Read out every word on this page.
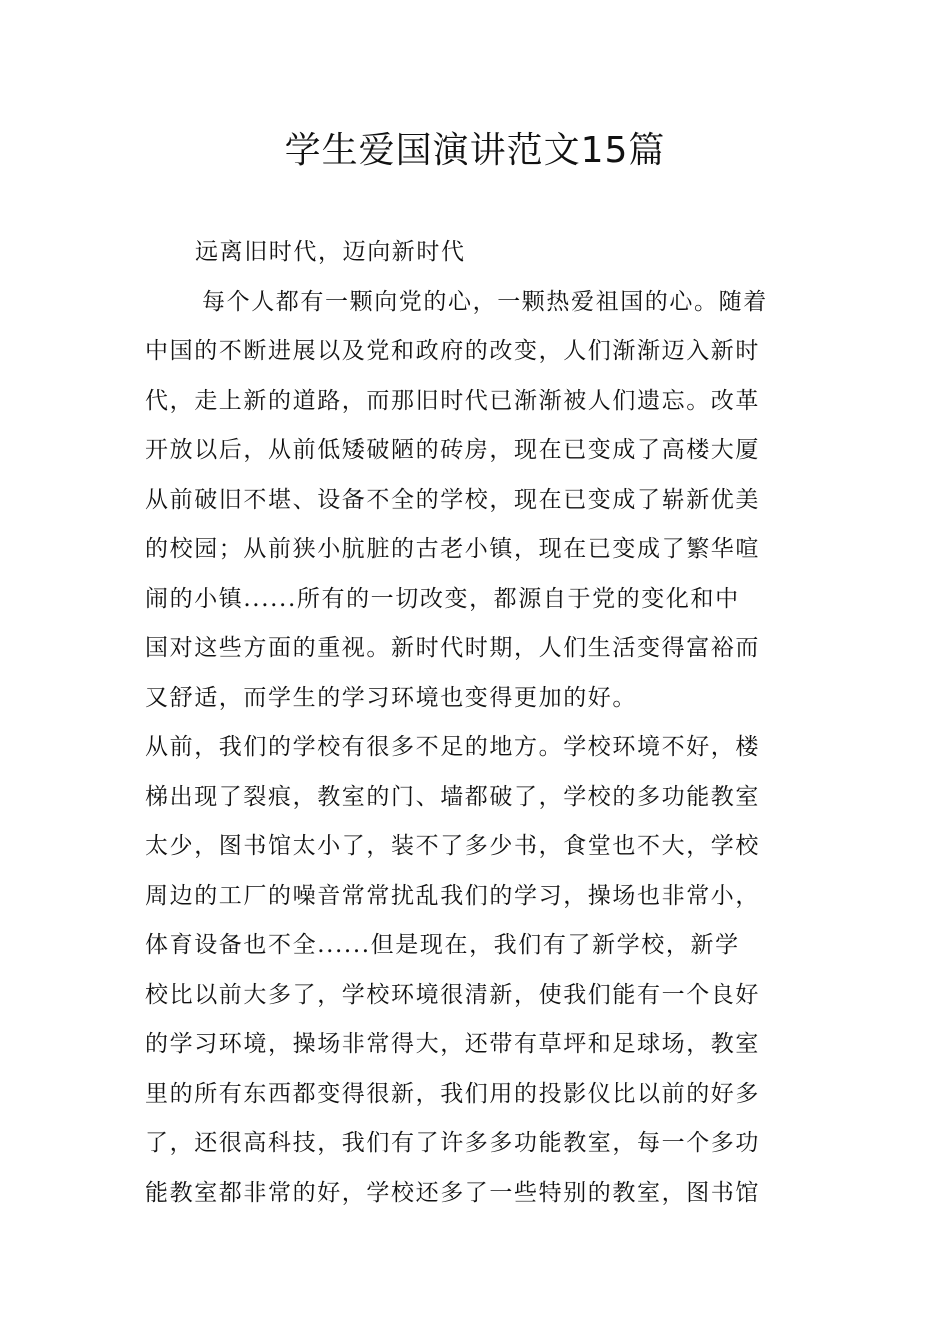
学生爱国演讲范文15篇
远离旧时代，迈向新时代
每个人都有一颗向党的心，一颗热爱祖国的心。随着
中国的不断进展以及党和政府的改变，人们渐渐迈入新时
代，走上新的道路，而那旧时代已渐渐被人们遗忘。改革
开放以后，从前低矮破陋的砖房，现在已变成了高楼大厦
从前破旧不堪、设备不全的学校，现在已变成了崭新优美
的校园；从前狭小肮脏的古老小镇，现在已变成了繁华喧
闹的小镇......所有的一切改变，都源自于党的变化和中
国对这些方面的重视。新时代时期，人们生活变得富裕而
又舒适，而学生的学习环境也变得更加的好。
从前，我们的学校有很多不足的地方。学校环境不好，楼
梯出现了裂痕，教室的门、墙都破了，学校的多功能教室
太少，图书馆太小了，装不了多少书，食堂也不大，学校
周边的工厂的噪音常常扰乱我们的学习，操场也非常小，
体育设备也不全......但是现在，我们有了新学校，新学
校比以前大多了，学校环境很清新，使我们能有一个良好
的学习环境，操场非常得大，还带有草坪和足球场，教室
里的所有东西都变得很新，我们用的投影仪比以前的好多
了，还很高科技，我们有了许多多功能教室，每一个多功
能教室都非常的好，学校还多了一些特别的教室，图书馆
